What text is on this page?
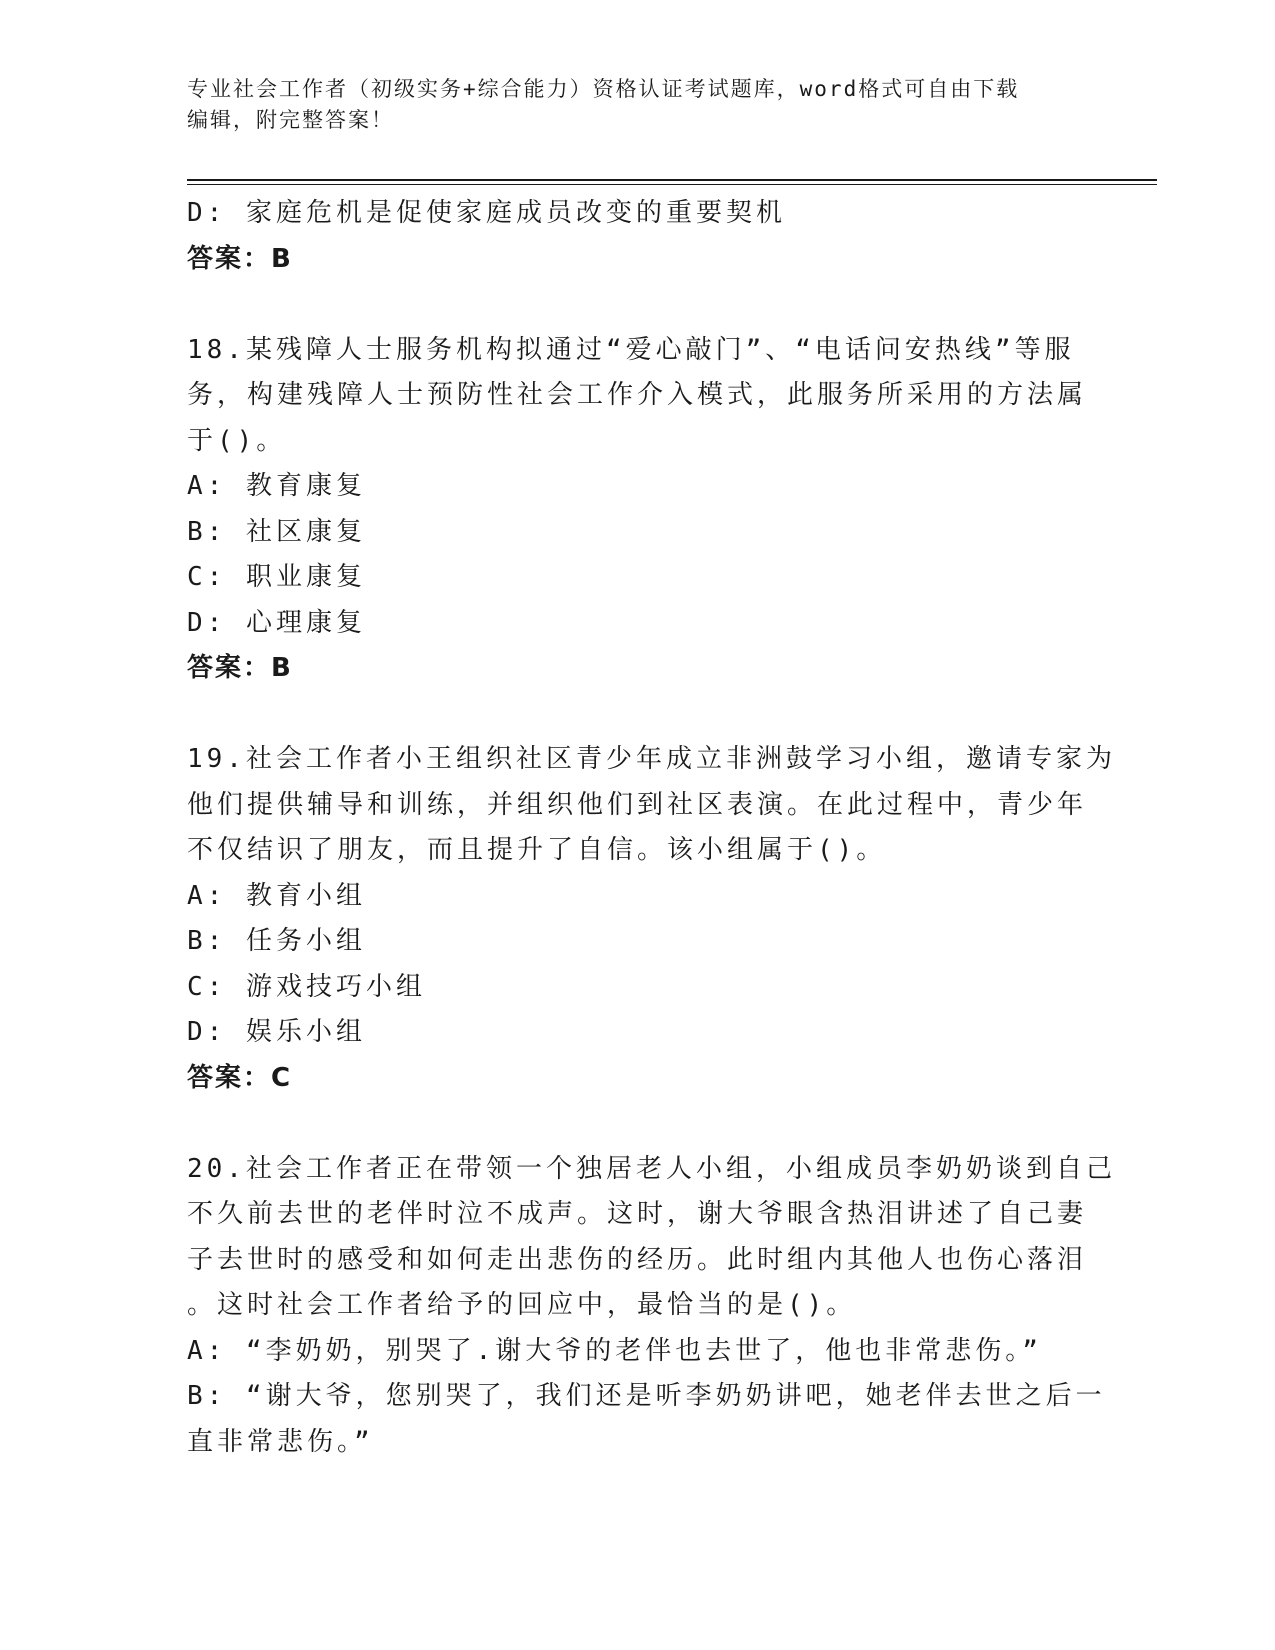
专业社会工作者（初级实务+综合能力）资格认证考试题库，word格式可自由下载
编辑，附完整答案！
D: 家庭危机是促使家庭成员改变的重要契机
答案：B
18.某残障人士服务机构拟通过“爱心敲门”、“电话问安热线”等服
务，构建残障人士预防性社会工作介入模式，此服务所采用的方法属
于()。
A: 教育康复
B: 社区康复
C: 职业康复
D: 心理康复
答案：B
19.社会工作者小王组织社区青少年成立非洲鼓学习小组，邀请专家为
他们提供辅导和训练，并组织他们到社区表演。在此过程中，青少年
不仅结识了朋友，而且提升了自信。该小组属于()。
A: 教育小组
B: 任务小组
C: 游戏技巧小组
D: 娱乐小组
答案：C
20.社会工作者正在带领一个独居老人小组，小组成员李奶奶谈到自己
不久前去世的老伴时泣不成声。这时，谢大爷眼含热泪讲述了自己妻
子去世时的感受和如何走出悲伤的经历。此时组内其他人也伤心落泪
。这时社会工作者给予的回应中，最恰当的是()。
A: “李奶奶，别哭了.谢大爷的老伴也去世了，他也非常悲伤。”
B: “谢大爷，您别哭了，我们还是听李奶奶讲吧，她老伴去世之后一
直非常悲伤。”
